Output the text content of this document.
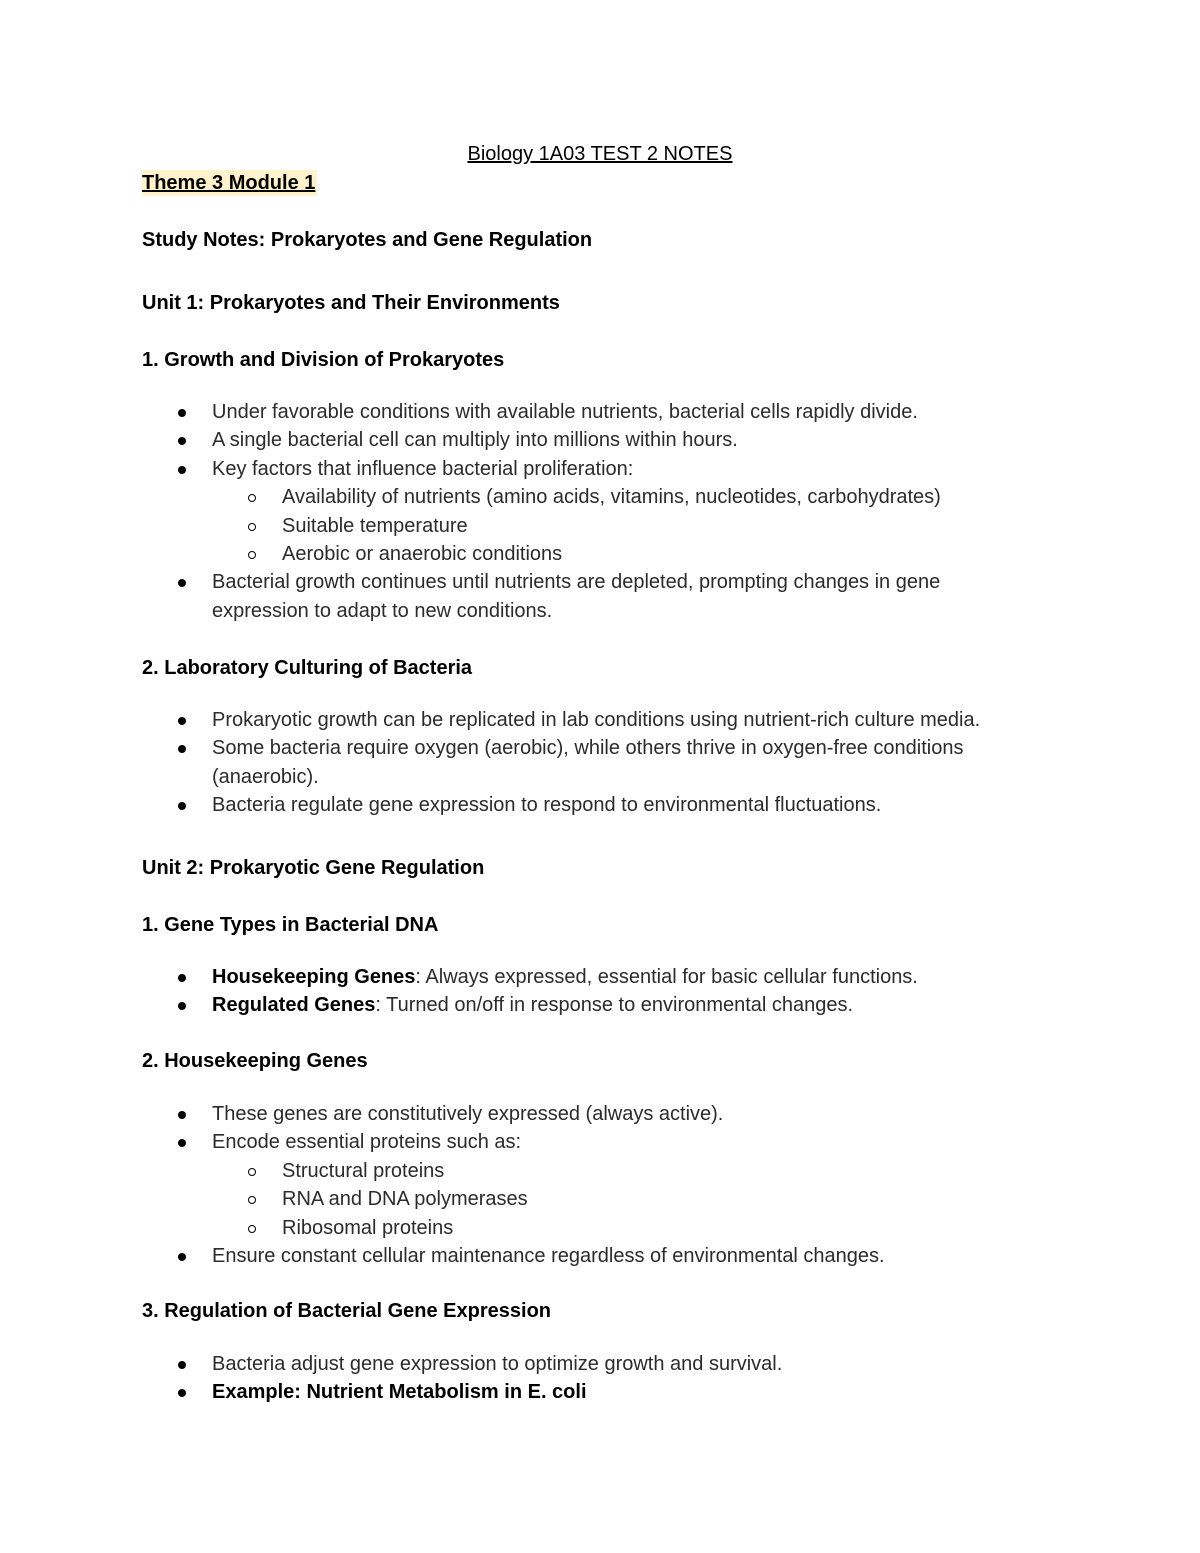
Biology 1A03 TEST 2 NOTES
Theme 3 Module 1
Study Notes: Prokaryotes and Gene Regulation
Unit 1: Prokaryotes and Their Environments
1. Growth and Division of Prokaryotes
Under favorable conditions with available nutrients, bacterial cells rapidly divide.
A single bacterial cell can multiply into millions within hours.
Key factors that influence bacterial proliferation:
Availability of nutrients (amino acids, vitamins, nucleotides, carbohydrates)
Suitable temperature
Aerobic or anaerobic conditions
Bacterial growth continues until nutrients are depleted, prompting changes in gene expression to adapt to new conditions.
2. Laboratory Culturing of Bacteria
Prokaryotic growth can be replicated in lab conditions using nutrient-rich culture media.
Some bacteria require oxygen (aerobic), while others thrive in oxygen-free conditions (anaerobic).
Bacteria regulate gene expression to respond to environmental fluctuations.
Unit 2: Prokaryotic Gene Regulation
1. Gene Types in Bacterial DNA
Housekeeping Genes: Always expressed, essential for basic cellular functions.
Regulated Genes: Turned on/off in response to environmental changes.
2. Housekeeping Genes
These genes are constitutively expressed (always active).
Encode essential proteins such as:
Structural proteins
RNA and DNA polymerases
Ribosomal proteins
Ensure constant cellular maintenance regardless of environmental changes.
3. Regulation of Bacterial Gene Expression
Bacteria adjust gene expression to optimize growth and survival.
Example: Nutrient Metabolism in E. coli
